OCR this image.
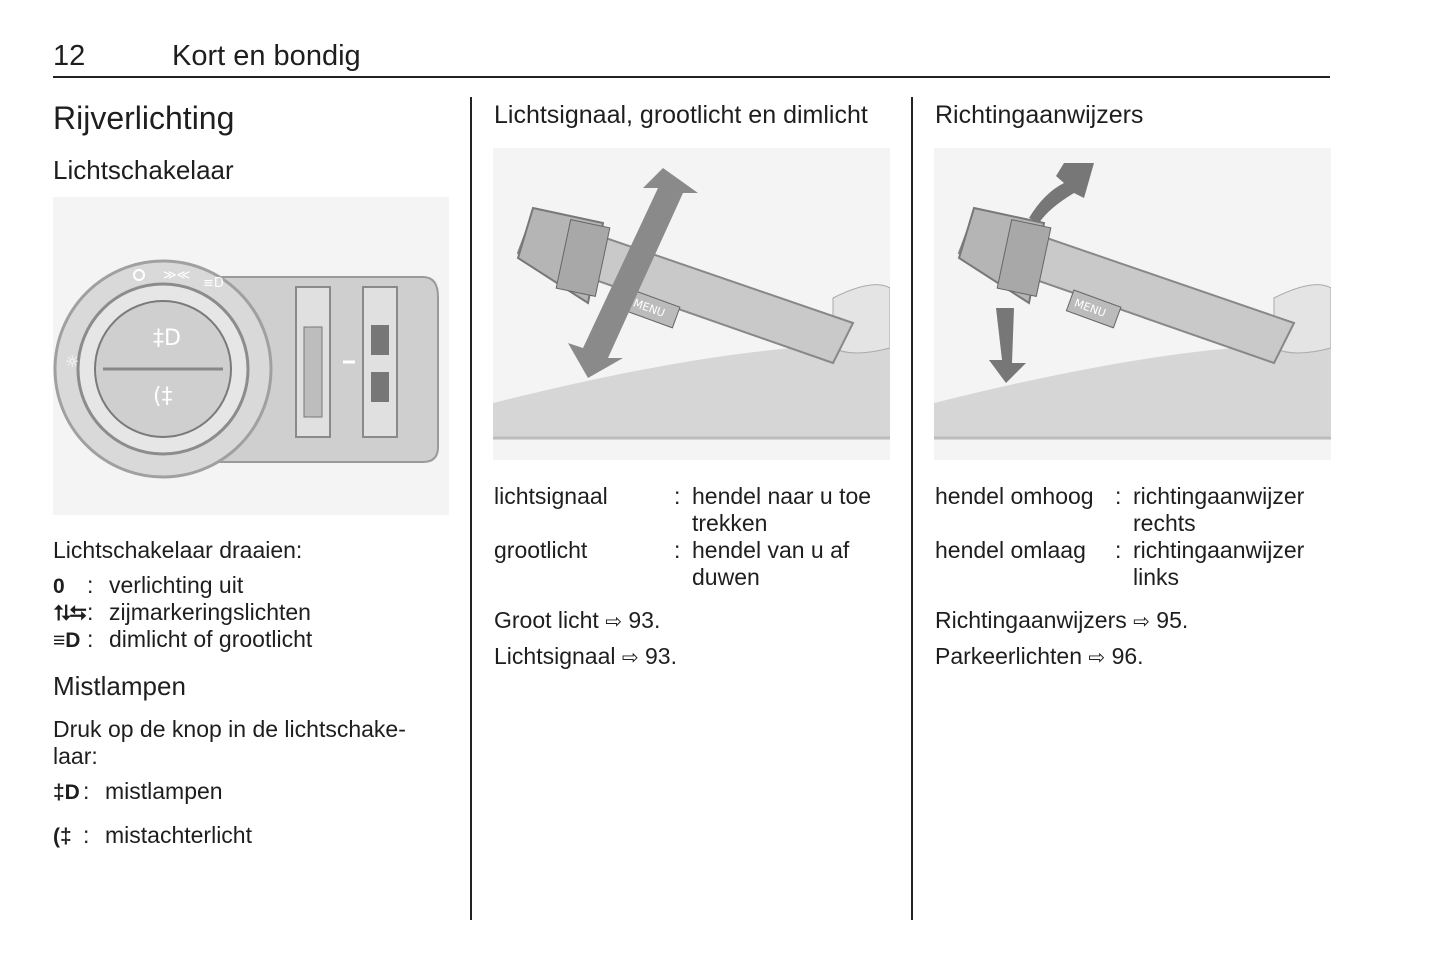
12	Kort en bondig
Rijverlichting
Lichtschakelaar
‡D
(‡
≫≪
≡D
☼
Lichtschakelaar draaien:
0 : verlichting uit
⮁⮀: zijmarkeringslichten
≡D : dimlicht of grootlicht
Mistlampen
Druk op de knop in de lichtschake-
laar:
‡D : mistlampen
(‡ : mistachterlicht
Lichtsignaal, grootlicht en dimlicht
MENU
lichtsignaal	: hendel naar u toe
trekken
grootlicht	: hendel van u af
duwen
Groot licht ⇨ 93.
Lichtsignaal ⇨ 93.
Richtingaanwijzers
MENU
hendel omhoog : richtingaanwijzer
rechts
hendel omlaag : richtingaanwijzer
links
Richtingaanwijzers ⇨ 95.
Parkeerlichten ⇨ 96.
